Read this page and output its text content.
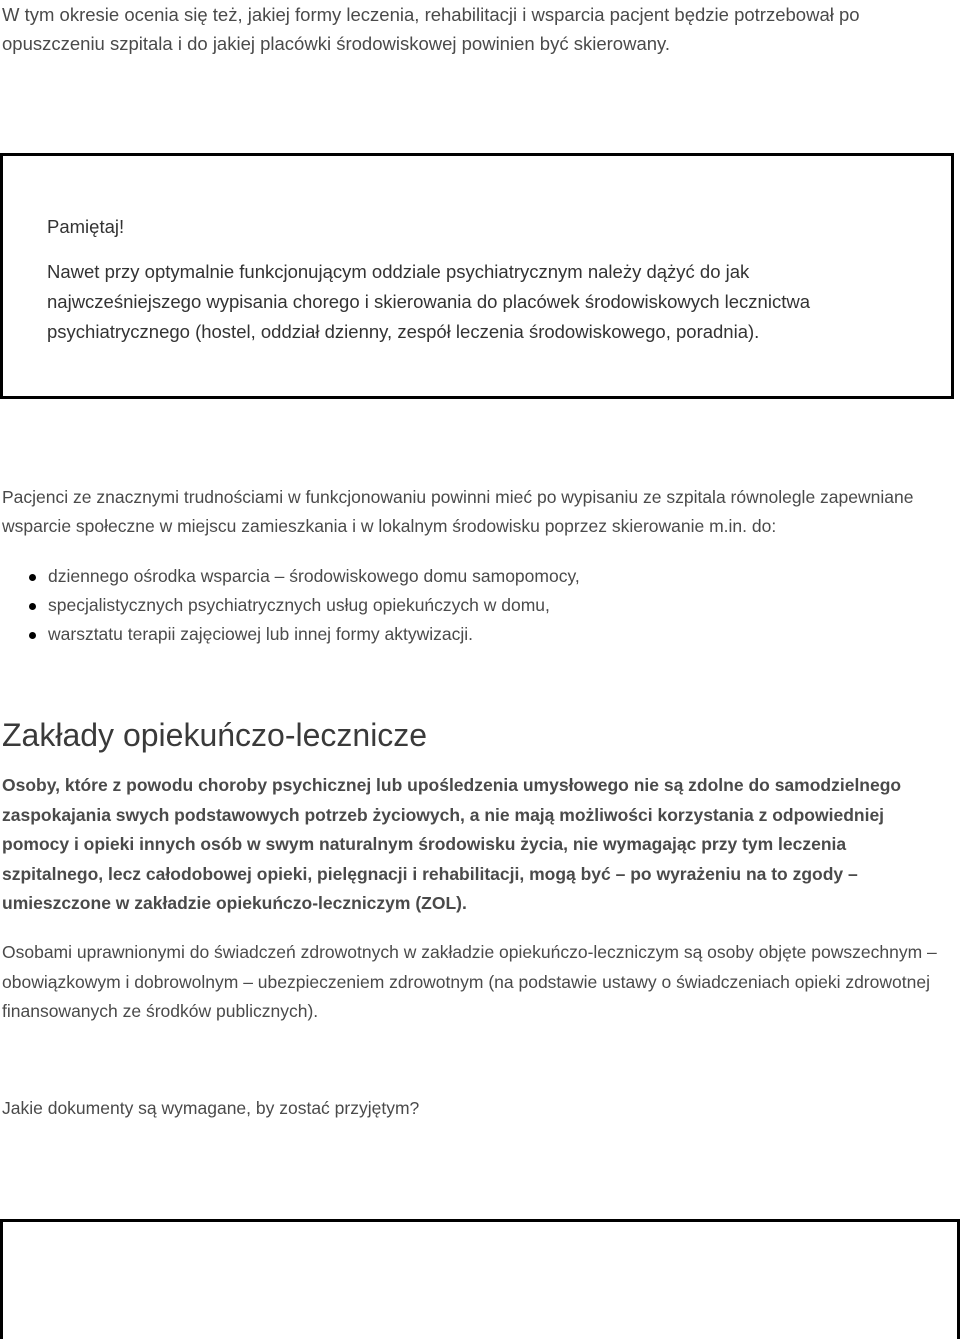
W tym okresie ocenia się też, jakiej formy leczenia, rehabilitacji i wsparcia pacjent będzie potrzebował po opuszczeniu szpitala i do jakiej placówki środowiskowej powinien być skierowany.

Pamiętaj!

Nawet przy optymalnie funkcjonującym oddziale psychiatrycznym należy dążyć do jak najwcześniejszego wypisania chorego i skierowania do placówek środowiskowych lecznictwa psychiatrycznego (hostel, oddział dzienny, zespół leczenia środowiskowego, poradnia).

Pacjenci ze znacznymi trudnościami w funkcjonowaniu powinni mieć po wypisaniu ze szpitala równolegle zapewniane wsparcie społeczne w miejscu zamieszkania i w lokalnym środowisku poprzez skierowanie m.in. do:

dziennego ośrodka wsparcia – środowiskowego domu samopomocy,
specjalistycznych psychiatrycznych usług opiekuńczych w domu,
warsztatu terapii zajęciowej lub innej formy aktywizacji.
Zakłady opiekuńczo-lecznicze

Osoby, które z powodu choroby psychicznej lub upośledzenia umysłowego nie są zdolne do samodzielnego zaspokajania swych podstawowych potrzeb życiowych, a nie mają możliwości korzystania z odpowiedniej pomocy i opieki innych osób w swym naturalnym środowisku życia, nie wymagając przy tym leczenia szpitalnego, lecz całodobowej opieki, pielęgnacji i rehabilitacji, mogą być – po wyrażeniu na to zgody – umieszczone w zakładzie opiekuńczo-leczniczym (ZOL).

Osobami uprawnionymi do świadczeń zdrowotnych w zakładzie opiekuńczo-leczniczym są osoby objęte powszechnym – obowiązkowym i dobrowolnym – ubezpieczeniem zdrowotnym (na podstawie ustawy o świadczeniach opieki zdrowotnej finansowanych ze środków publicznych).

Jakie dokumenty są wymagane, by zostać przyjętym?
